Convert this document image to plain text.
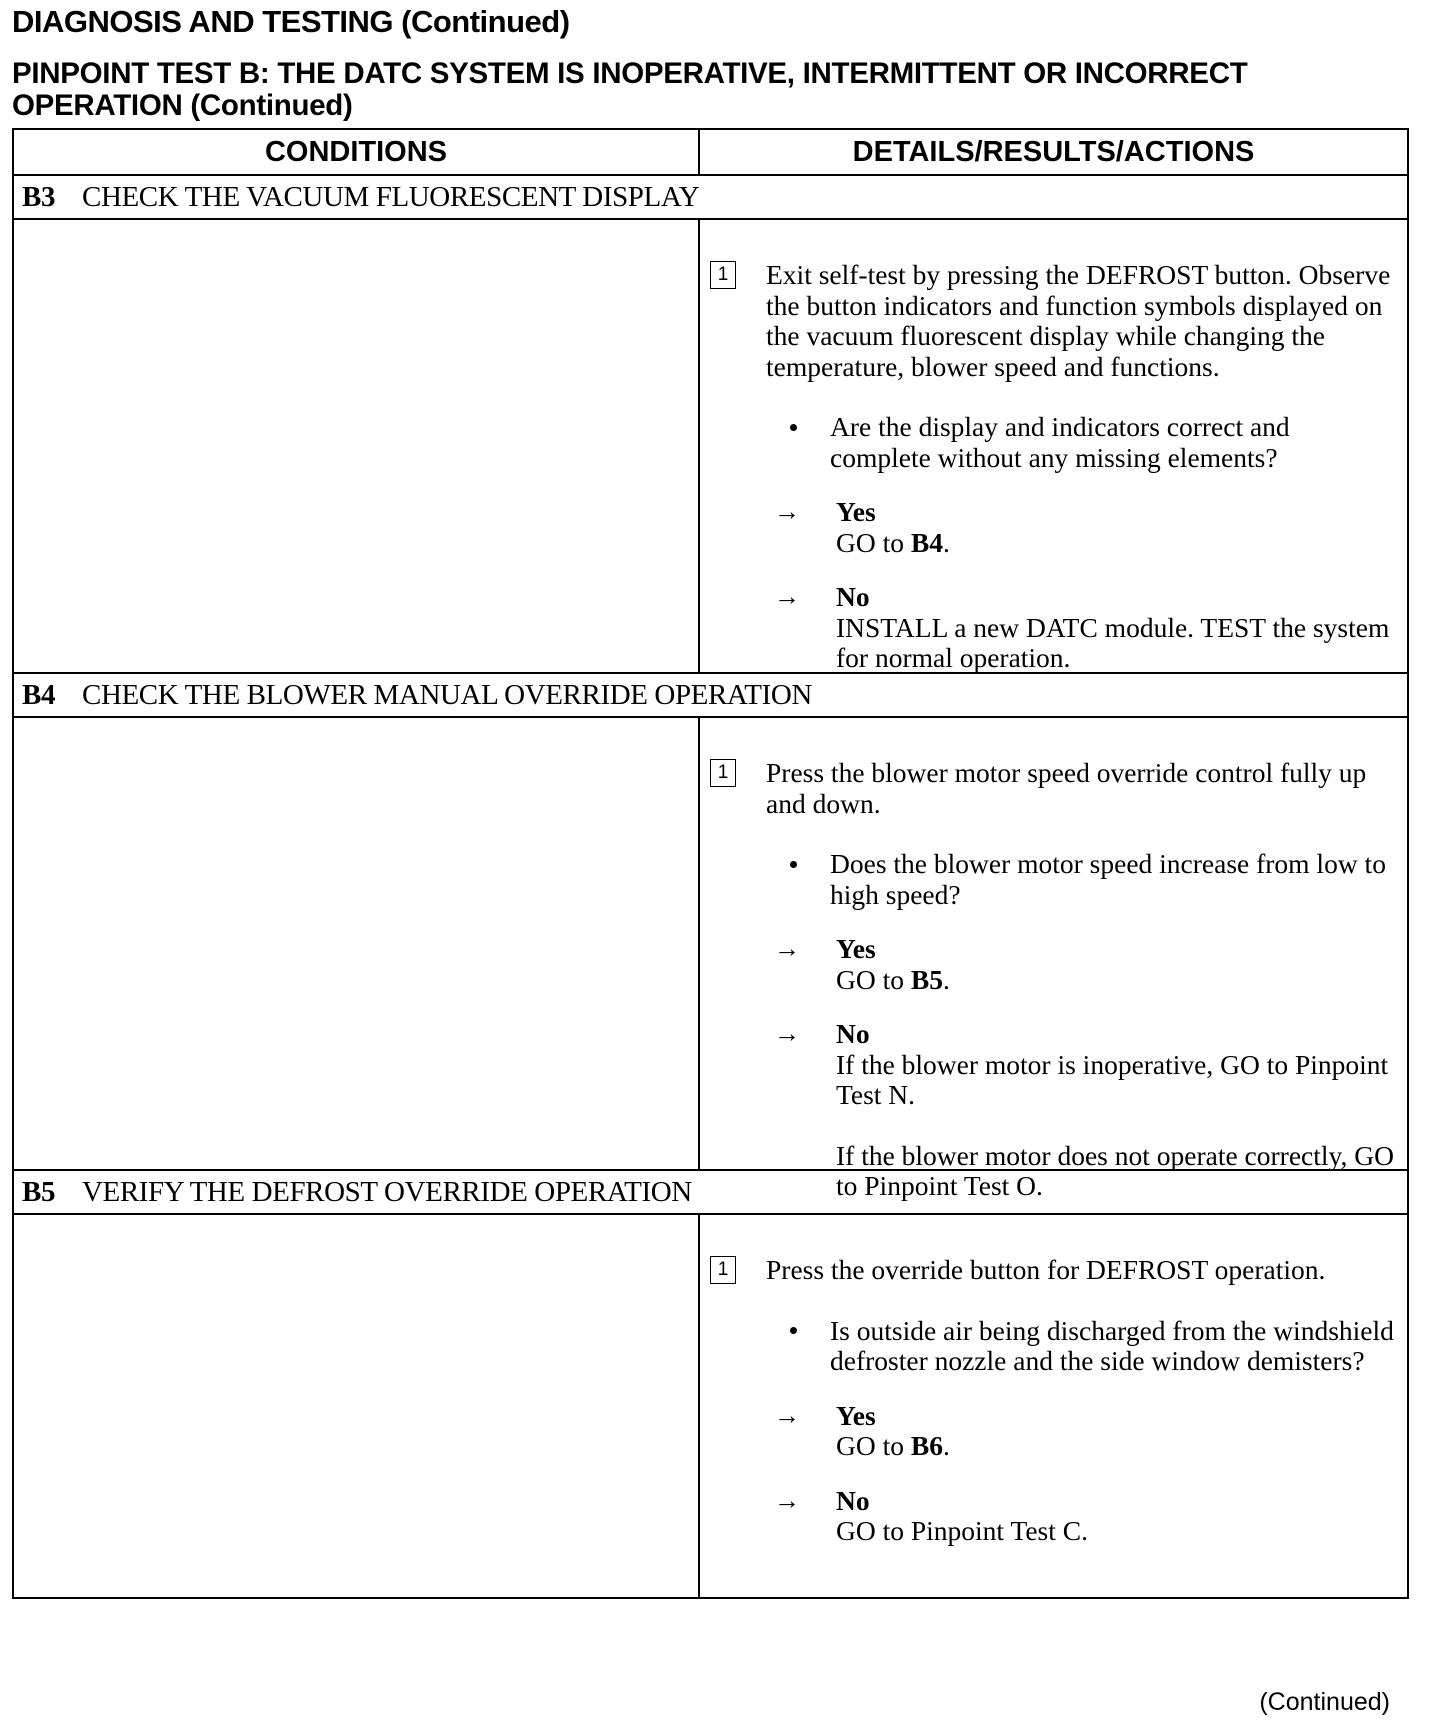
DIAGNOSIS AND TESTING (Continued)
PINPOINT TEST B: THE DATC SYSTEM IS INOPERATIVE, INTERMITTENT OR INCORRECT
OPERATION (Continued)
CONDITIONS	DETAILS/RESULTS/ACTIONS
B3 CHECK THE VACUUM FLUORESCENT DISPLAY
1 Exit self-test by pressing the DEFROST button. Observe the button indicators and function symbols displayed on the vacuum fluorescent display while changing the temperature, blower speed and functions.
Are the display and indicators correct and complete without any missing elements?
→	Yes
GO to B4.
→	No
INSTALL a new DATC module. TEST the system for normal operation.
B4 CHECK THE BLOWER MANUAL OVERRIDE OPERATION
1 Press the blower motor speed override control fully up and down.
Does the blower motor speed increase from low to high speed?
→	Yes
GO to B5.
→	No
If the blower motor is inoperative, GO to Pinpoint Test N.
If the blower motor does not operate correctly, GO to Pinpoint Test O.
B5 VERIFY THE DEFROST OVERRIDE OPERATION
1 Press the override button for DEFROST operation.
Is outside air being discharged from the windshield defroster nozzle and the side window demisters?
→	Yes
GO to B6.
→	No
GO to Pinpoint Test C.
(Continued)
